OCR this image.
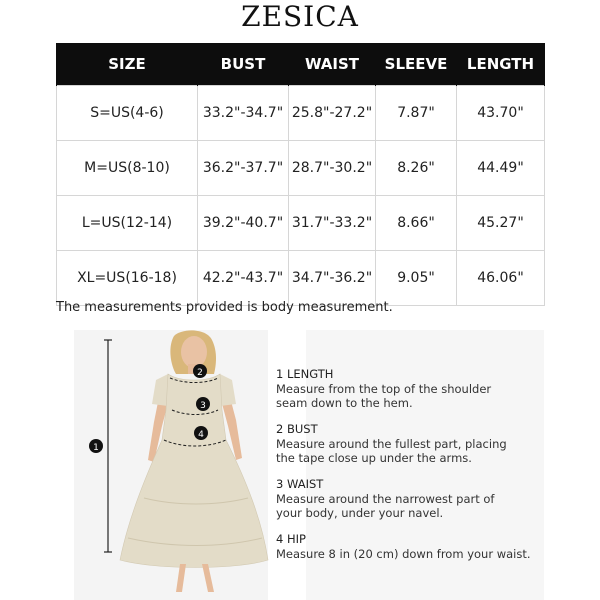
ZESICA
SIZE	BUST	WAIST	SLEEVE	LENGTH
S=US(4-6)	33.2"-34.7"	25.8"-27.2"	7.87"	43.70"
M=US(8-10)	36.2"-37.7"	28.7"-30.2"	8.26"	44.49"
L=US(12-14)	39.2"-40.7"	31.7"-33.2"	8.66"	45.27"
XL=US(16-18)	42.2"-43.7"	34.7"-36.2"	9.05"	46.06"
The measurements provided is body measurement.
1
2
3
4
1 LENGTH
Measure from the top of the shoulder
seam down to the hem.
2 BUST
Measure around the fullest part, placing
the tape close up under the arms.
3 WAIST
Measure around the narrowest part of
your body, under your navel.
4 HIP
Measure 8 in (20 cm) down from your waist.
